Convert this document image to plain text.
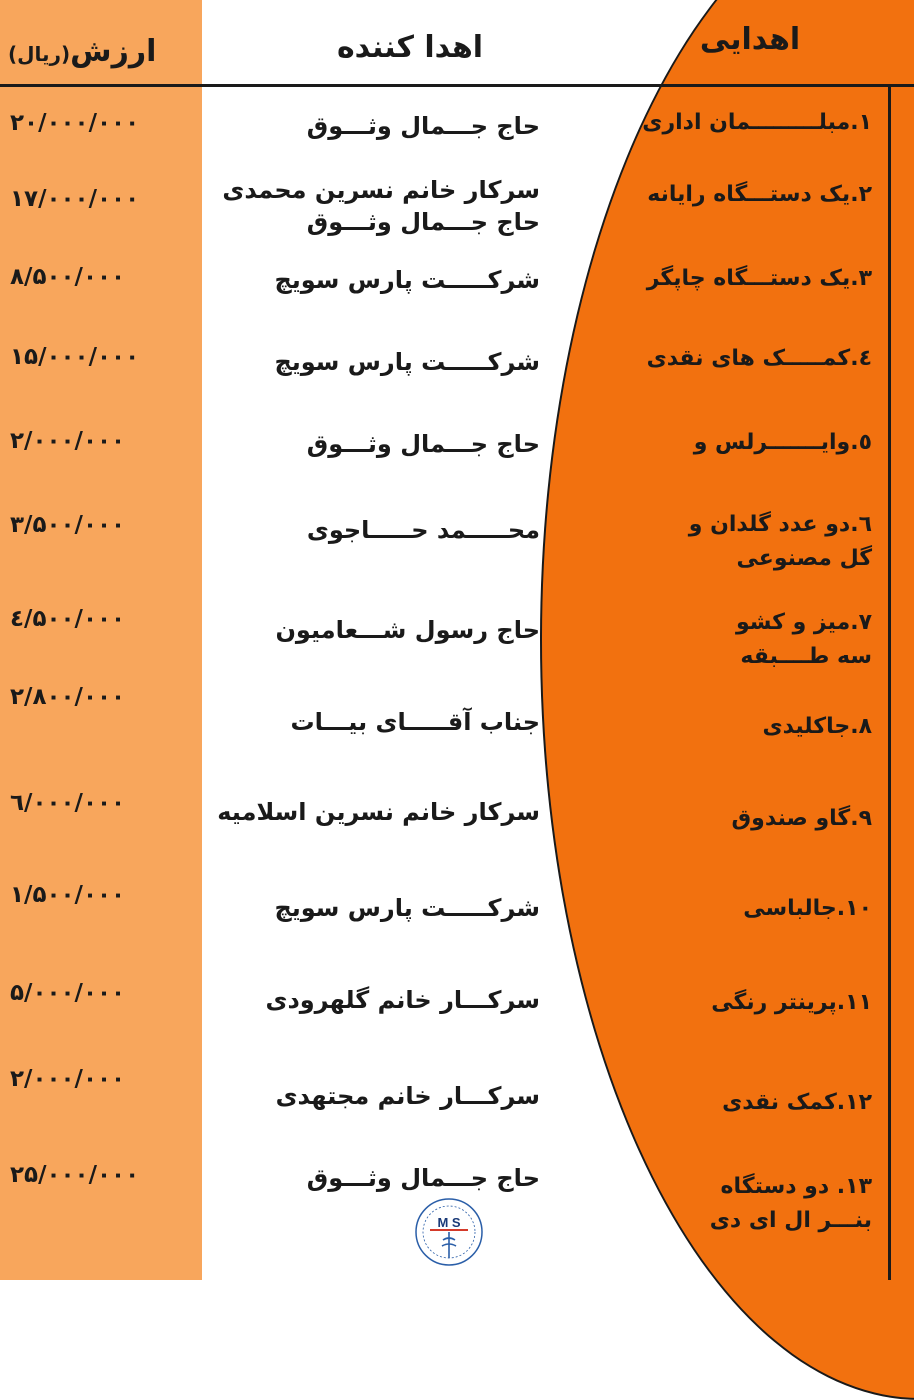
ارزش(ریال)	اهدا کننده	اهدایی
۱.مبلـــــــــمان اداری
حاج جـــمال وثـــوق
۲۰/۰۰۰/۰۰۰
۲.یک دستـــگاه رایانه
سرکار خانم نسرین محمدی
حاج جـــمال وثـــوق
۱۷/۰۰۰/۰۰۰
۳.یک دستـــگاه چاپگر
شرکـــــت پارس سویچ
۸/۵۰۰/۰۰۰
٤.کمـــــک های نقدی
شرکـــــت پارس سویچ
۱۵/۰۰۰/۰۰۰
٥.وایـــــــرلس و
حاج جـــمال وثـــوق
۲/۰۰۰/۰۰۰
٦.دو عدد گلدان و
گل مصنوعی
محـــــمد حـــــاجوی
۳/۵۰۰/۰۰۰
۷.میز و کشو
سه طــــبقه
حاج رسول شـــعامیون
٤/۵۰۰/۰۰۰
۸.جاکلیدی
جناب آقـــــای بیـــات
۲/۸۰۰/۰۰۰
۹.گاو صندوق
سرکار خانم نسرین اسلامیه
٦/۰۰۰/۰۰۰
۱۰.جالباسی
شرکـــــت پارس سویچ
۱/۵۰۰/۰۰۰
۱۱.پرینتر رنگی
سرکـــار خانم گلهرودی
۵/۰۰۰/۰۰۰
۱۲.کمک نقدی
سرکـــار خانم مجتهدی
۲/۰۰۰/۰۰۰
۱۳. دو دستگاه
بنـــر ال ای دی
حاج جـــمال وثـــوق
۲۵/۰۰۰/۰۰۰
M S
